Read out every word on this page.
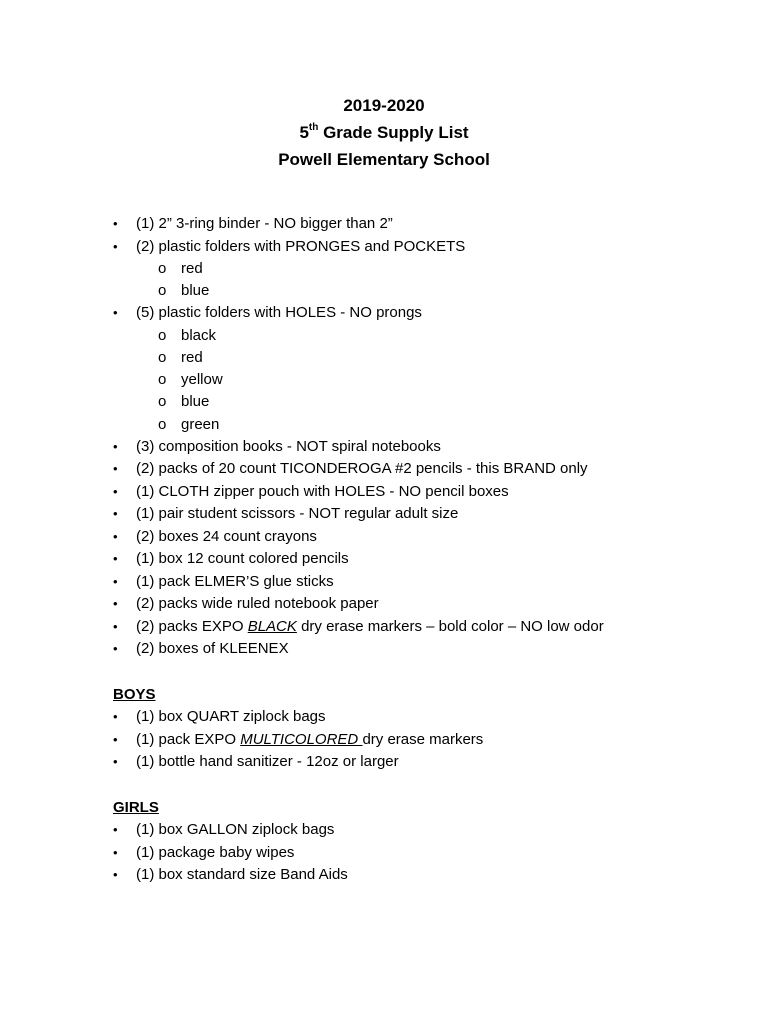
2019-2020
5th Grade Supply List
Powell Elementary School
• (1) 2” 3-ring binder - NO bigger than 2”
• (2) plastic folders with PRONGES and POCKETS
o red
o blue
• (5) plastic folders with HOLES - NO prongs
o black
o red
o yellow
o blue
o green
• (3) composition books - NOT spiral notebooks
• (2) packs of 20 count TICONDEROGA #2 pencils - this BRAND only
• (1) CLOTH zipper pouch with HOLES - NO pencil boxes
• (1) pair student scissors - NOT regular adult size
• (2) boxes 24 count crayons
• (1) box 12 count colored pencils
• (1) pack ELMER’S glue sticks
• (2) packs wide ruled notebook paper
• (2) packs EXPO BLACK dry erase markers – bold color – NO low odor
• (2) boxes of KLEENEX
BOYS
• (1) box QUART ziplock bags
• (1) pack EXPO MULTICOLORED dry erase markers
• (1) bottle hand sanitizer - 12oz or larger
GIRLS
• (1) box GALLON ziplock bags
• (1) package baby wipes
• (1) box standard size Band Aids
